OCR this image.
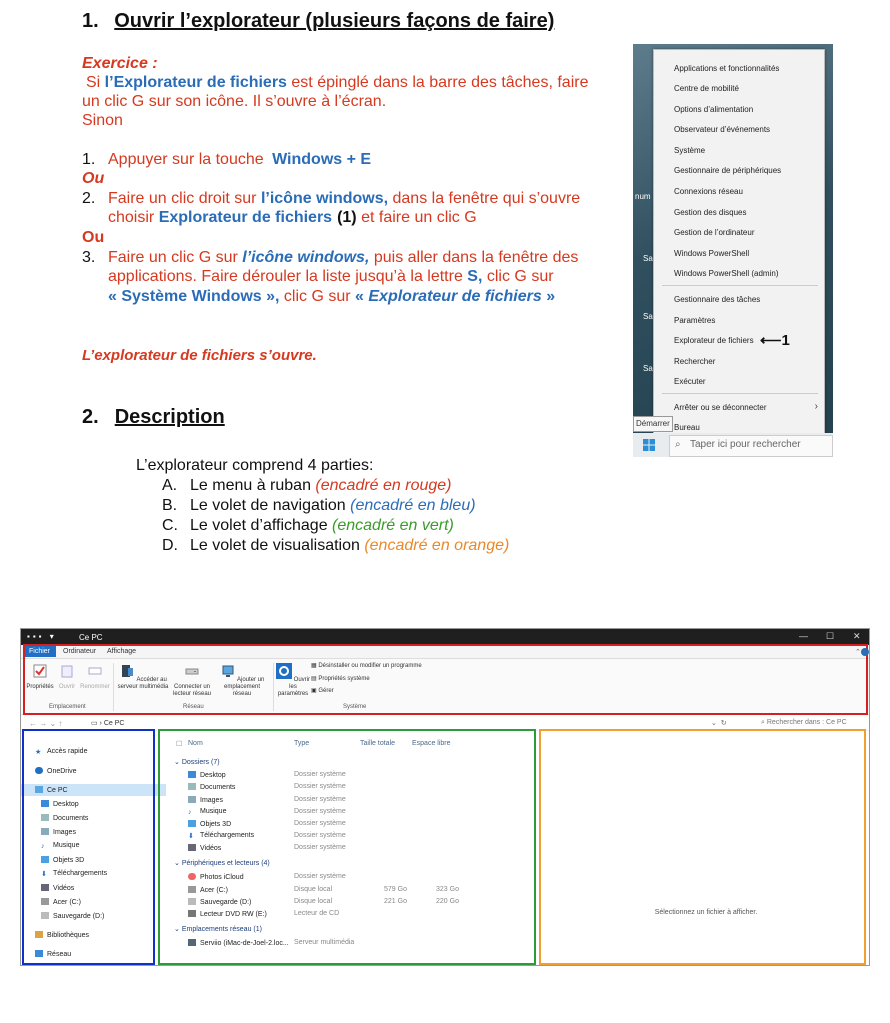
1. Ouvrir l’explorateur (plusieurs façons de faire)
Exercice :
Si l’Explorateur de fichiers est épinglé dans la barre des tâches, faire
un clic G sur son icône. Il s’ouvre à l’écran.
Sinon
1. Appuyer sur la touche Windows + E
Ou
2. Faire un clic droit sur l’icône windows, dans la fenêtre qui s’ouvre
choisir Explorateur de fichiers (1) et faire un clic G
Ou
3. Faire un clic G sur l’icône windows, puis aller dans la fenêtre des
applications. Faire dérouler la liste jusqu’à la lettre S, clic G sur
« Système Windows », clic G sur « Explorateur de fichiers »
L’explorateur de fichiers s’ouvre.
2. Description
L’explorateur comprend 4 parties:
A. Le menu à ruban (encadré en rouge)
B. Le volet de navigation (encadré en bleu)
C. Le volet d’affichage (encadré en vert)
D. Le volet de visualisation (encadré en orange)
num
Sa
Sa
Sa
Applications et fonctionnalités
Centre de mobilité
Options d’alimentation
Observateur d’événements
Système
Gestionnaire de périphériques
Connexions réseau
Gestion des disques
Gestion de l’ordinateur
Windows PowerShell
Windows PowerShell (admin)
Gestionnaire des tâches
Paramètres
Explorateur de fichiers
Rechercher
Exécuter
Arrêter ou se déconnecter	›
Bureau
⟵1
⌕ Taper ici pour rechercher
Démarrer
▪▪▪ ▾	Ce PC	— ☐ ✕
Fichier	Ordinateur Affichage	⌃
Propriétés Ouvrir Renommer
Emplacement
Accéder au serveur multimédia Connecter un lecteur réseau
Ajouter un emplacement réseau
Réseau
Ouvrir les paramètres
▦ Désinstaller ou modifier un programme
▤ Propriétés système
▣ Gérer
Système
← → ⌄ ↑	▭ › Ce PC	⌄  ↻	⌕ Rechercher dans : Ce PC
★ Accès rapide
OneDrive
Ce PC
Desktop
Documents
Images
♪ Musique
Objets 3D
⬇ Téléchargements
Vidéos
Acer (C:)
Sauvegarde (D:)
Bibliothèques
Réseau
☐ Nom	Type	Taille totale Espace libre
⌄ Dossiers (7)
Desktop	Dossier système
Documents	Dossier système
Images	Dossier système
♪ Musique	Dossier système
Objets 3D	Dossier système
⬇ Téléchargements	Dossier système
Vidéos	Dossier système
⌄ Périphériques et lecteurs (4)
Photos iCloud	Dossier système
Acer (C:)	Disque local	579 Go	323 Go
Sauvegarde (D:)	Disque local	221 Go	220 Go
Lecteur DVD RW (E:)	Lecteur de CD
⌄ Emplacements réseau (1)
Serviio (iMac-de-Joel-2.loc... Serveur multimédia
Sélectionnez un fichier à afficher.
